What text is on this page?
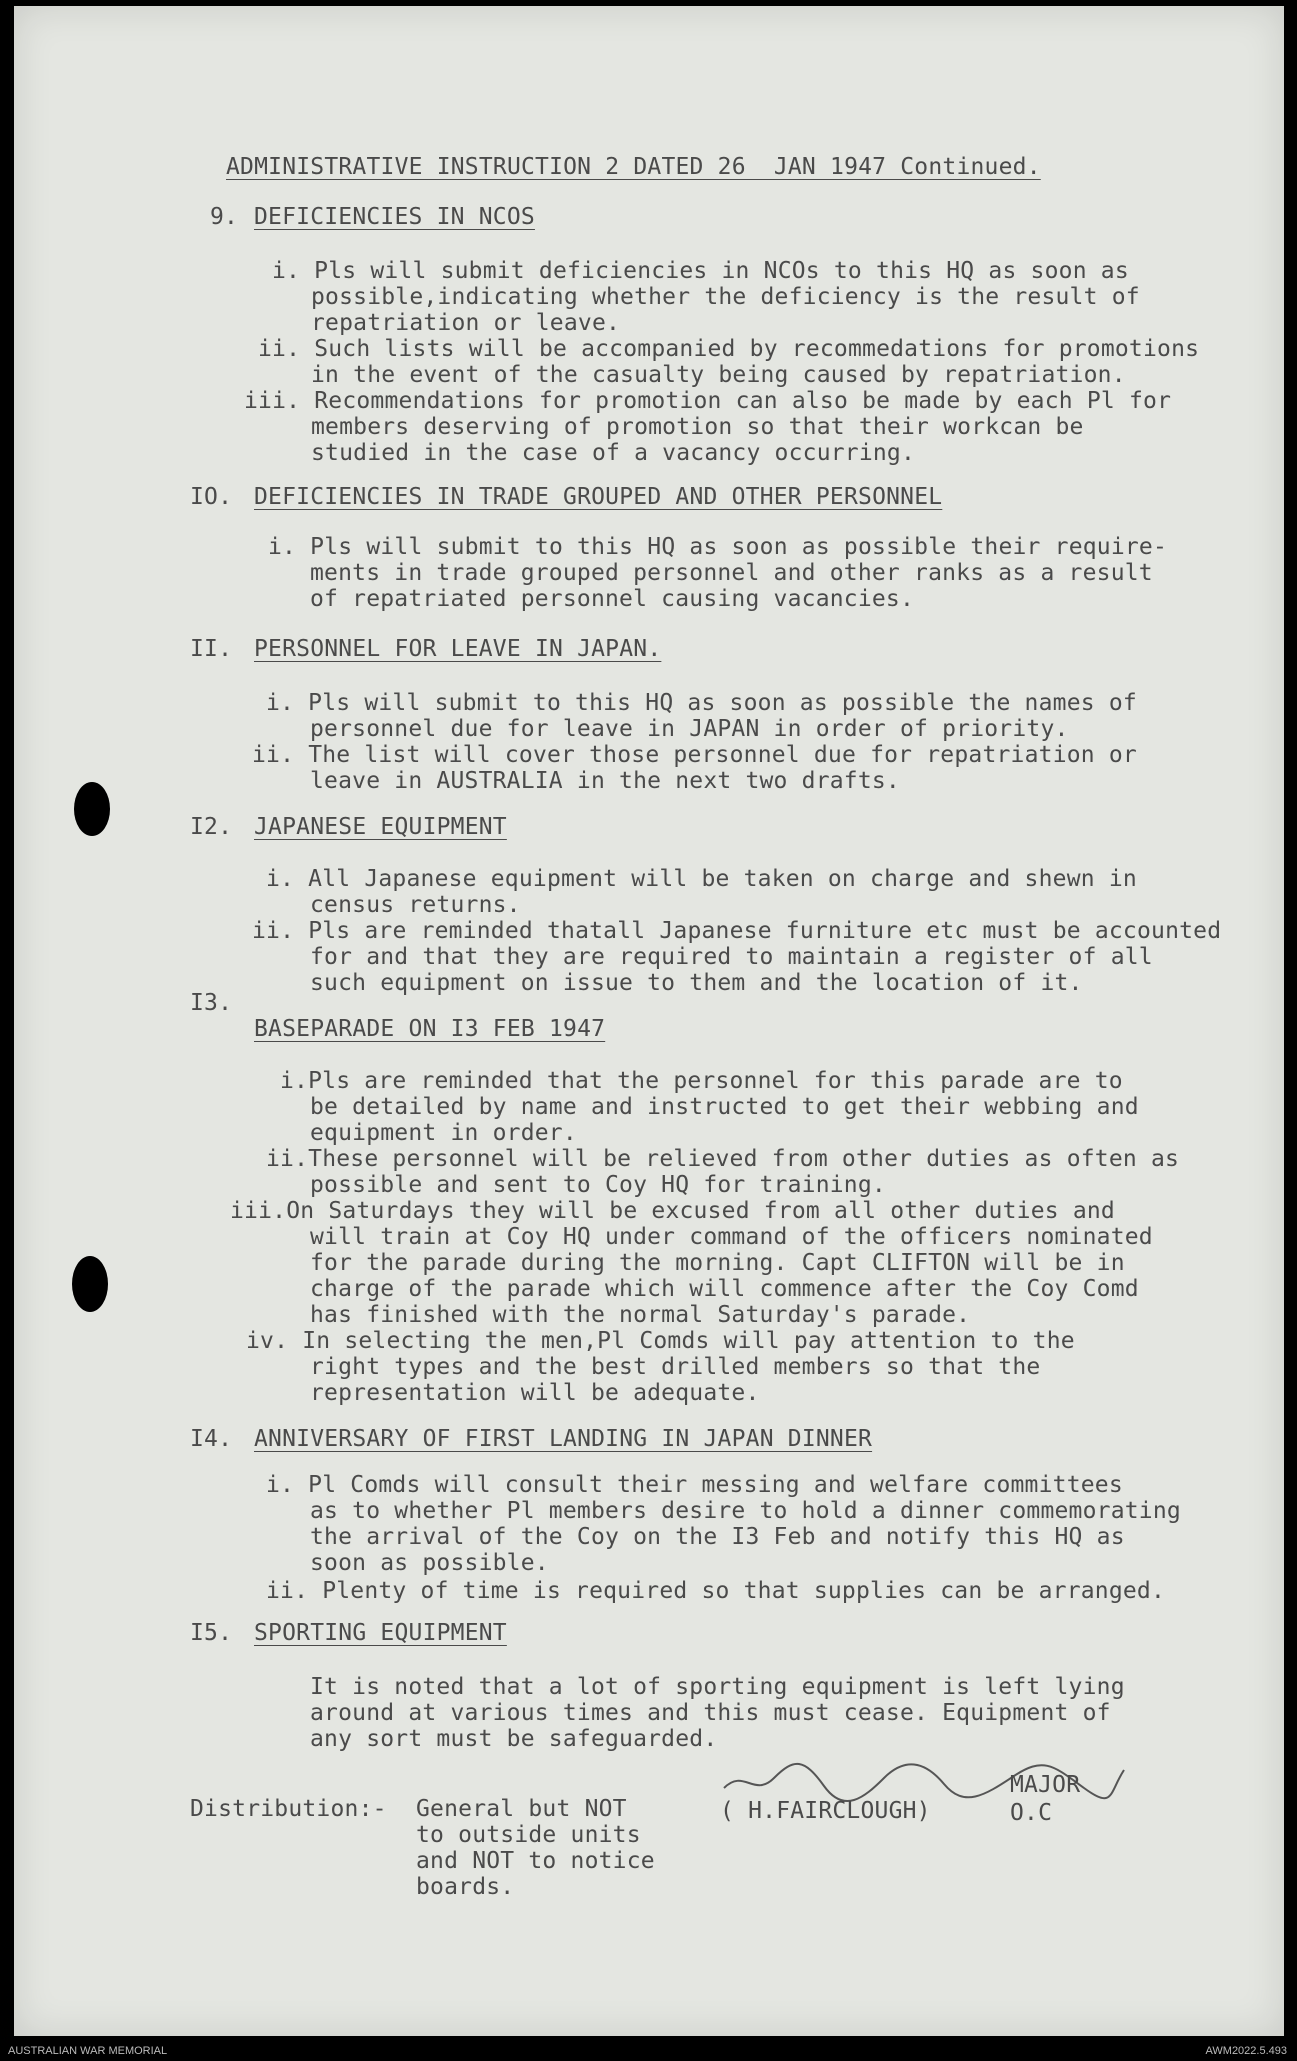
ADMINISTRATIVE INSTRUCTION 2 DATED 26  JAN 1947 Continued.
9. DEFICIENCIES IN NCOS
i. Pls will submit deficiencies in NCOs to this HQ as soon as
possible,indicating whether the deficiency is the result of
repatriation or leave.
ii. Such lists will be accompanied by recommedations for promotions
in the event of the casualty being caused by repatriation.
iii. Recommendations for promotion can also be made by each Pl for
members deserving of promotion so that their workcan be
studied in the case of a vacancy occurring.
IO. DEFICIENCIES IN TRADE GROUPED AND OTHER PERSONNEL
i. Pls will submit to this HQ as soon as possible their require-
ments in trade grouped personnel and other ranks as a result
of repatriated personnel causing vacancies.
II. PERSONNEL FOR LEAVE IN JAPAN.
i. Pls will submit to this HQ as soon as possible the names of
personnel due for leave in JAPAN in order of priority.
ii. The list will cover those personnel due for repatriation or
leave in AUSTRALIA in the next two drafts.
I2. JAPANESE EQUIPMENT
i. All Japanese equipment will be taken on charge and shewn in
census returns.
ii. Pls are reminded thatall Japanese furniture etc must be accounted
for and that they are required to maintain a register of all
such equipment on issue to them and the location of it.
I3.
BASEPARADE ON I3 FEB 1947
i.Pls are reminded that the personnel for this parade are to
be detailed by name and instructed to get their webbing and
equipment in order.
ii.These personnel will be relieved from other duties as often as
possible and sent to Coy HQ for training.
iii.On Saturdays they will be excused from all other duties and
will train at Coy HQ under command of the officers nominated
for the parade during the morning. Capt CLIFTON will be in
charge of the parade which will commence after the Coy Comd
has finished with the normal Saturday's parade.
iv. In selecting the men,Pl Comds will pay attention to the
right types and the best drilled members so that the
representation will be adequate.
I4. ANNIVERSARY OF FIRST LANDING IN JAPAN DINNER
i. Pl Comds will consult their messing and welfare committees
as to whether Pl members desire to hold a dinner commemorating
the arrival of the Coy on the I3 Feb and notify this HQ as
soon as possible.
ii. Plenty of time is required so that supplies can be arranged.
I5. SPORTING EQUIPMENT
It is noted that a lot of sporting equipment is left lying
around at various times and this must cease. Equipment of
any sort must be safeguarded.
MAJOR
( H.FAIRCLOUGH)	O.C
Distribution:- General but NOT
to outside units
and NOT to notice
boards.
AUSTRALIAN WAR MEMORIAL	AWM2022.5.493
